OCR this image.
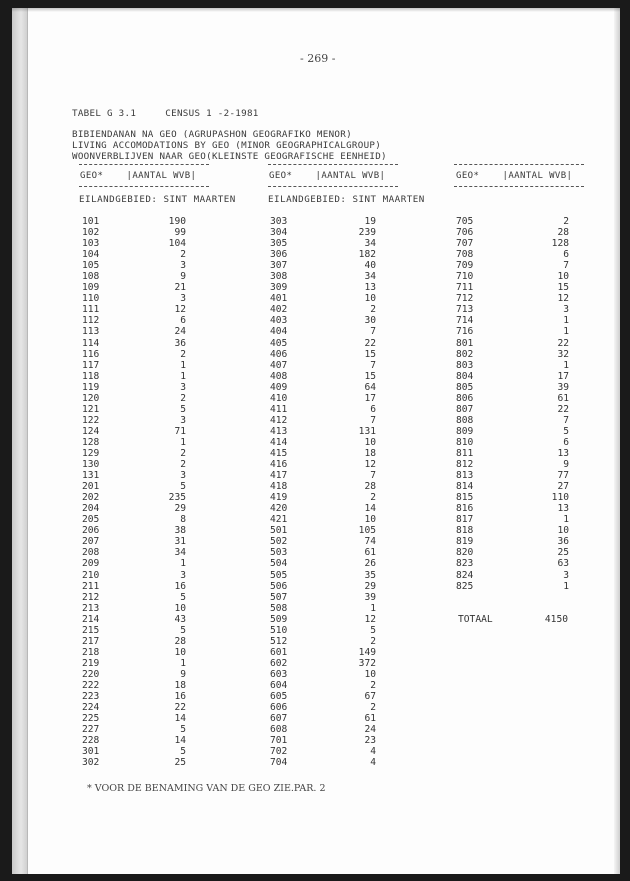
- 269 -
TABEL G 3.1     CENSUS 1 -2-1981
BIBIENDANAN NA GEO (AGRUPASHON GEOGRAFIKO MENOR)
LIVING ACCOMODATIONS BY GEO (MINOR GEOGRAPHICALGROUP)
WOONVERBLIJVEN NAAR GEO(KLEINSTE GEOGRAFISCHE EENHEID)
GEO*    |AANTAL WVB|
EILANDGEBIED: SINT MAARTEN
GEO*    |AANTAL WVB|
EILANDGEBIED: SINT MAARTEN
GEO*    |AANTAL WVB|
101	190
102	99
103	104
104	2
105	3
108	9
109	21
110	3
111	12
112	6
113	24
114	36
116	2
117	1
118	1
119	3
120	2
121	5
122	3
124	71
128	1
129	2
130	2
131	3
201	5
202	235
204	29
205	8
206	38
207	31
208	34
209	1
210	3
211	16
212	5
213	10
214	43
215	5
217	28
218	10
219	1
220	9
222	18
223	16
224	22
225	14
227	5
228	14
301	5
302	25
303	19
304	239
305	34
306	182
307	40
308	34
309	13
401	10
402	2
403	30
404	7
405	22
406	15
407	7
408	15
409	64
410	17
411	6
412	7
413	131
414	10
415	18
416	12
417	7
418	28
419	2
420	14
421	10
501	105
502	74
503	61
504	26
505	35
506	29
507	39
508	1
509	12
510	5
512	2
601	149
602	372
603	10
604	2
605	67
606	2
607	61
608	24
701	23
702	4
704	4
705	2
706	28
707	128
708	6
709	7
710	10
711	15
712	12
713	3
714	1
716	1
801	22
802	32
803	1
804	17
805	39
806	61
807	22
808	7
809	5
810	6
811	13
812	9
813	77
814	27
815	110
816	13
817	1
818	10
819	36
820	25
823	63
824	3
825	1
TOTAAL	4150
* VOOR DE BENAMING VAN DE GEO ZIE.PAR. 2
